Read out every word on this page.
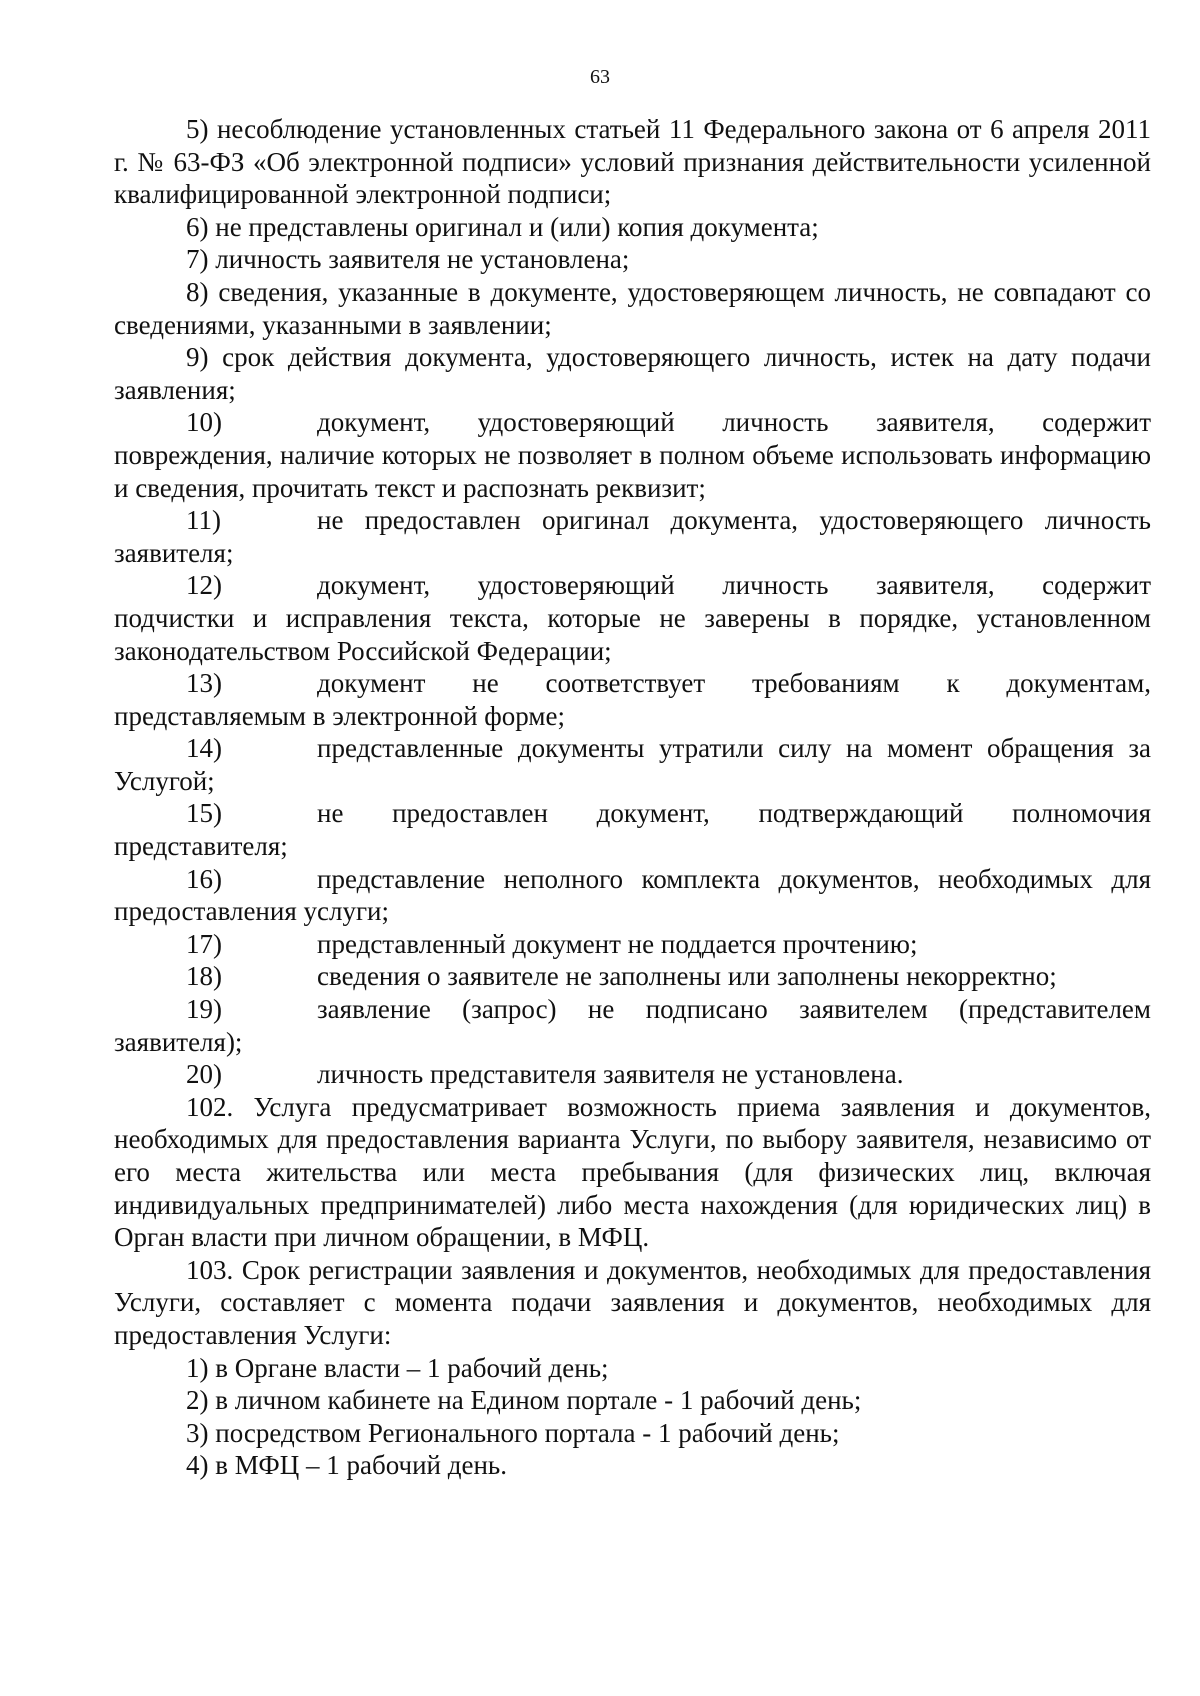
63

5) несоблюдение установленных статьей 11 Федерального закона от 6 апреля 2011 г. № 63-ФЗ «Об электронной подписи» условий признания действительности усиленной квалифицированной электронной подписи;

6) не представлены оригинал и (или) копия документа;

7) личность заявителя не установлена;

8) сведения, указанные в документе, удостоверяющем личность, не совпадают со сведениями, указанными в заявлении;

9) срок действия документа, удостоверяющего личность, истек на дату подачи заявления;

10)	документ, удостоверяющий личность заявителя, содержит

повреждения, наличие которых не позволяет в полном объеме использовать информацию и сведения, прочитать текст и распознать реквизит;

11)	не предоставлен оригинал документа, удостоверяющего личность

заявителя;

12)	документ, удостоверяющий личность заявителя, содержит

подчистки и исправления текста, которые не заверены в порядке, установленном законодательством Российской Федерации;

13)	документ не соответствует требованиям к документам,

представляемым в электронной форме;

14)	представленные документы утратили силу на момент обращения за

Услугой;

15)	не предоставлен документ, подтверждающий полномочия

представителя;

16)	представление неполного комплекта документов, необходимых для

предоставления услуги;

17)	представленный документ не поддается прочтению;
18)	сведения о заявителе не заполнены или заполнены некорректно;
19)	заявление (запрос) не подписано заявителем (представителем

заявителя);

20)	личность представителя заявителя не установлена.

102. Услуга предусматривает возможность приема заявления и документов, необходимых для предоставления варианта Услуги, по выбору заявителя, независимо от его места жительства или места пребывания (для физических лиц, включая индивидуальных предпринимателей) либо места нахождения (для юридических лиц) в Орган власти при личном обращении, в МФЦ.

103. Срок регистрации заявления и документов, необходимых для предоставления Услуги, составляет с момента подачи заявления и документов, необходимых для предоставления Услуги:

1) в Органе власти – 1 рабочий день;

2) в личном кабинете на Едином портале - 1 рабочий день;

3) посредством Регионального портала - 1 рабочий день;

4) в МФЦ – 1 рабочий день.
